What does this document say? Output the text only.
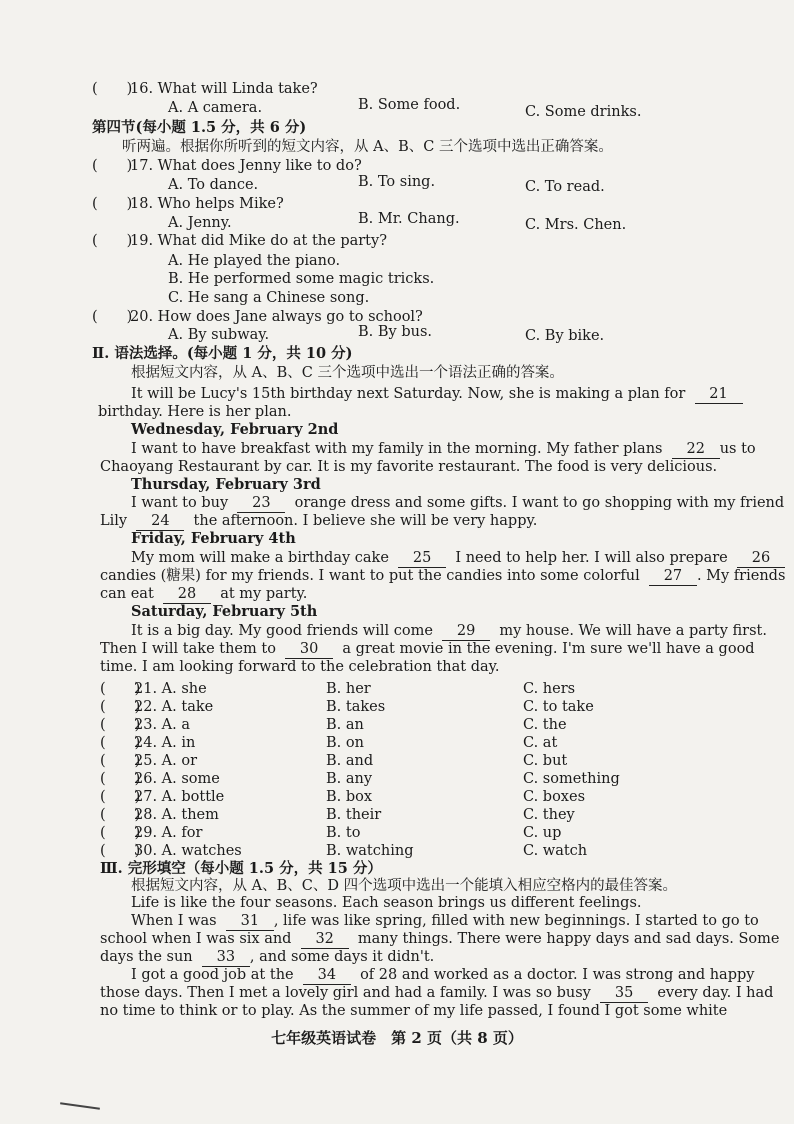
(　　)16. What will Linda take?
A. A camera.	B. Some food.	C. Some drinks.
第四节(每小题 1.5 分，共 6 分)
听两遍。根据你所听到的短文内容，从 A、B、C 三个选项中选出正确答案。
(　　)17. What does Jenny like to do?
A. To dance.	B. To sing.	C. To read.
(　　)18. Who helps Mike?
A. Jenny.	B. Mr. Chang.	C. Mrs. Chen.
(　　)19. What did Mike do at the party?
A. He played the piano.
B. He performed some magic tricks.
C. He sang a Chinese song.
(　　)20. How does Jane always go to school?
A. By subway.	B. By bus.	C. By bike.
Ⅱ. 语法选择。(每小题 1 分，共 10 分)
根据短文内容，从 A、B、C 三个选项中选出一个语法正确的答案。
It will be Lucy's 15th birthday next Saturday. Now, she is making a plan for 21
birthday. Here is her plan.
Wednesday, February 2nd
I want to have breakfast with my family in the morning. My father plans 22 us to
Chaoyang Restaurant by car. It is my favorite restaurant. The food is very delicious.
Thursday, February 3rd
I want to buy 23 orange dress and some gifts. I want to go shopping with my friend
Lily 24 the afternoon. I believe she will be very happy.
Friday, February 4th
My mom will make a birthday cake 25 I need to help her. I will also prepare 26
candies (糖果) for my friends. I want to put the candies into some colorful 27 . My friends
can eat 28 at my party.
Saturday, February 5th
It is a big day. My good friends will come 29 my house. We will have a party first.
Then I will take them to 30 a great movie in the evening. I'm sure we'll have a good
time. I am looking forward to the celebration that day.
(　　)21. A. she	B. her	C. hers
(　　)22. A. take	B. takes	C. to take
(　　)23. A. a	B. an	C. the
(　　)24. A. in	B. on	C. at
(　　)25. A. or	B. and	C. but
(　　)26. A. some	B. any	C. something
(　　)27. A. bottle	B. box	C. boxes
(　　)28. A. them	B. their	C. they
(　　)29. A. for	B. to	C. up
(　　)30. A. watches	B. watching	C. watch
Ⅲ. 完形填空（每小题 1.5 分，共 15 分）
根据短文内容，从 A、B、C、D 四个选项中选出一个能填入相应空格内的最佳答案。
Life is like the four seasons. Each season brings us different feelings.
When I was 31 , life was like spring, filled with new beginnings. I started to go to
school when I was six and 32 many things. There were happy days and sad days. Some
days the sun 33 , and some days it didn't.
I got a good job at the 34 of 28 and worked as a doctor. I was strong and happy
those days. Then I met a lovely girl and had a family. I was so busy 35 every day. I had
no time to think or to play. As the summer of my life passed, I found I got some white
七年级英语试卷　第 2 页（共 8 页）
